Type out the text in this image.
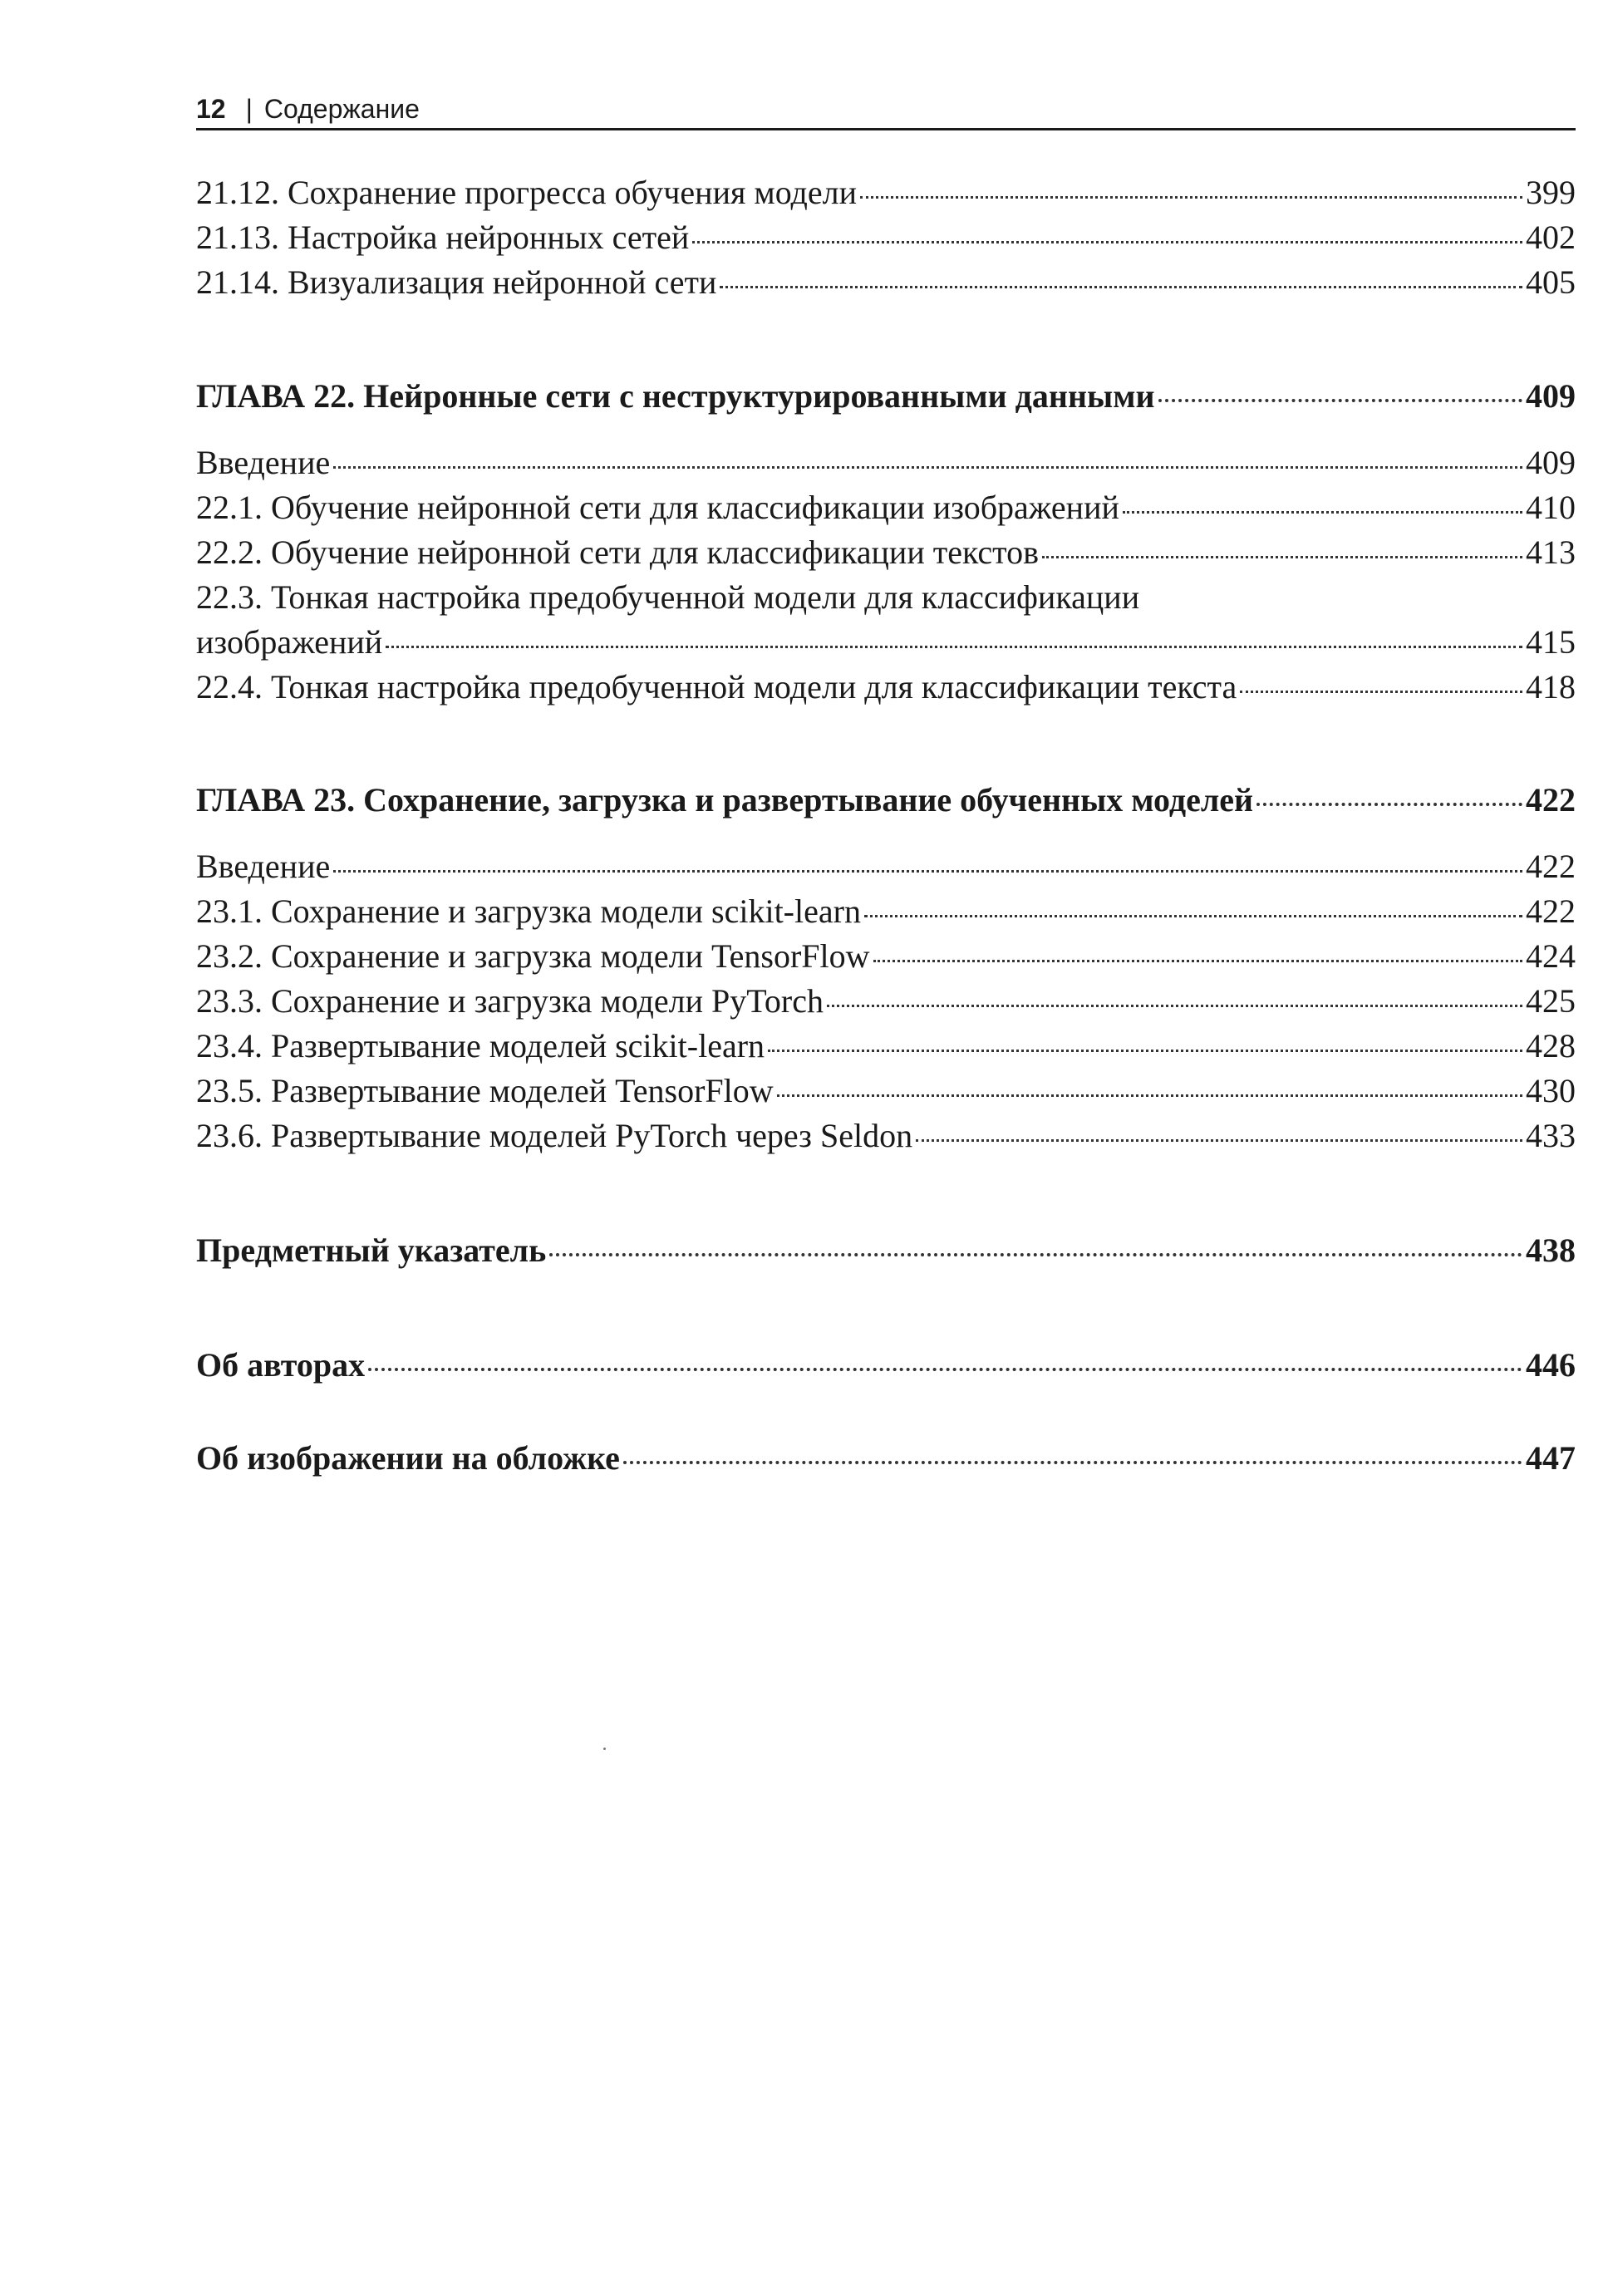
12 | Содержание
21.12. Сохранение прогресса обучения модели	399
21.13. Настройка нейронных сетей	402
21.14. Визуализация нейронной сети	405
ГЛАВА 22. Нейронные сети с неструктурированными данными	409
Введение	409
22.1. Обучение нейронной сети для классификации изображений	410
22.2. Обучение нейронной сети для классификации текстов	413
22.3. Тонкая настройка предобученной модели для классификации
изображений	415
22.4. Тонкая настройка предобученной модели для классификации текста	418
ГЛАВА 23. Сохранение, загрузка и развертывание обученных моделей	422
Введение	422
23.1. Сохранение и загрузка модели scikit-learn	422
23.2. Сохранение и загрузка модели TensorFlow	424
23.3. Сохранение и загрузка модели PyTorch	425
23.4. Развертывание моделей scikit-learn	428
23.5. Развертывание моделей TensorFlow	430
23.6. Развертывание моделей PyTorch через Seldon	433
Предметный указатель	438
Об авторах	446
Об изображении на обложке	447
